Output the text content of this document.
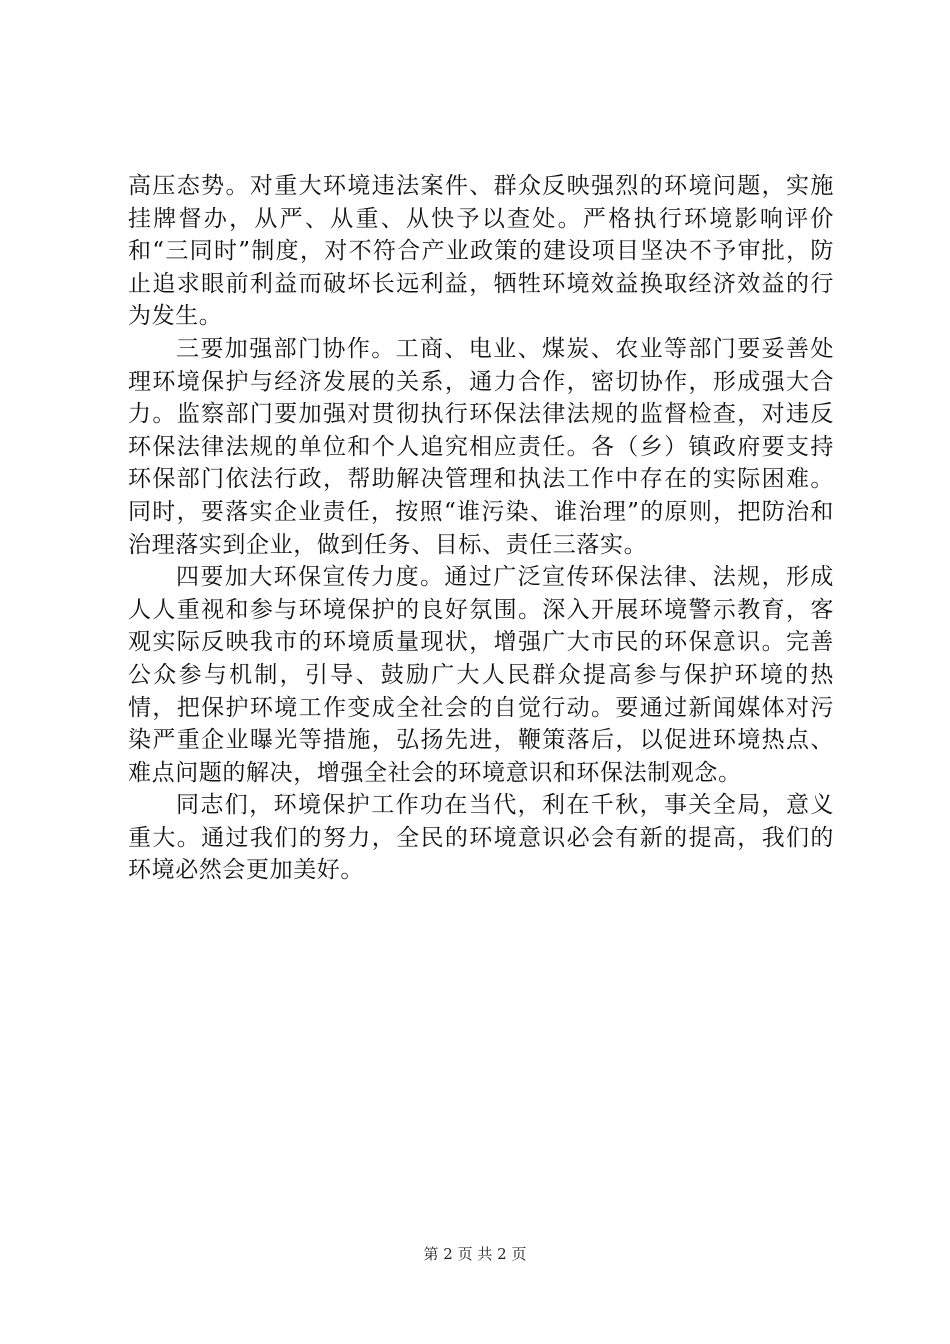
高压态势。对重大环境违法案件、群众反映强烈的环境问题，实施挂牌督办，从严、从重、从快予以查处。严格执行环境影响评价和“三同时”制度，对不符合产业政策的建设项目坚决不予审批，防止追求眼前利益而破坏长远利益，牺牲环境效益换取经济效益的行为发生。

三要加强部门协作。工商、电业、煤炭、农业等部门要妥善处理环境保护与经济发展的关系，通力合作，密切协作，形成强大合力。监察部门要加强对贯彻执行环保法律法规的监督检查，对违反环保法律法规的单位和个人追究相应责任。各（乡）镇政府要支持环保部门依法行政，帮助解决管理和执法工作中存在的实际困难。同时，要落实企业责任，按照“谁污染、谁治理”的原则，把防治和治理落实到企业，做到任务、目标、责任三落实。

四要加大环保宣传力度。通过广泛宣传环保法律、法规，形成人人重视和参与环境保护的良好氛围。深入开展环境警示教育，客观实际反映我市的环境质量现状，增强广大市民的环保意识。完善公众参与机制，引导、鼓励广大人民群众提高参与保护环境的热情，把保护环境工作变成全社会的自觉行动。要通过新闻媒体对污染严重企业曝光等措施，弘扬先进，鞭策落后，以促进环境热点、难点问题的解决，增强全社会的环境意识和环保法制观念。

同志们，环境保护工作功在当代，利在千秋，事关全局，意义重大。通过我们的努力，全民的环境意识必会有新的提高，我们的环境必然会更加美好。

第 2 页 共 2 页
